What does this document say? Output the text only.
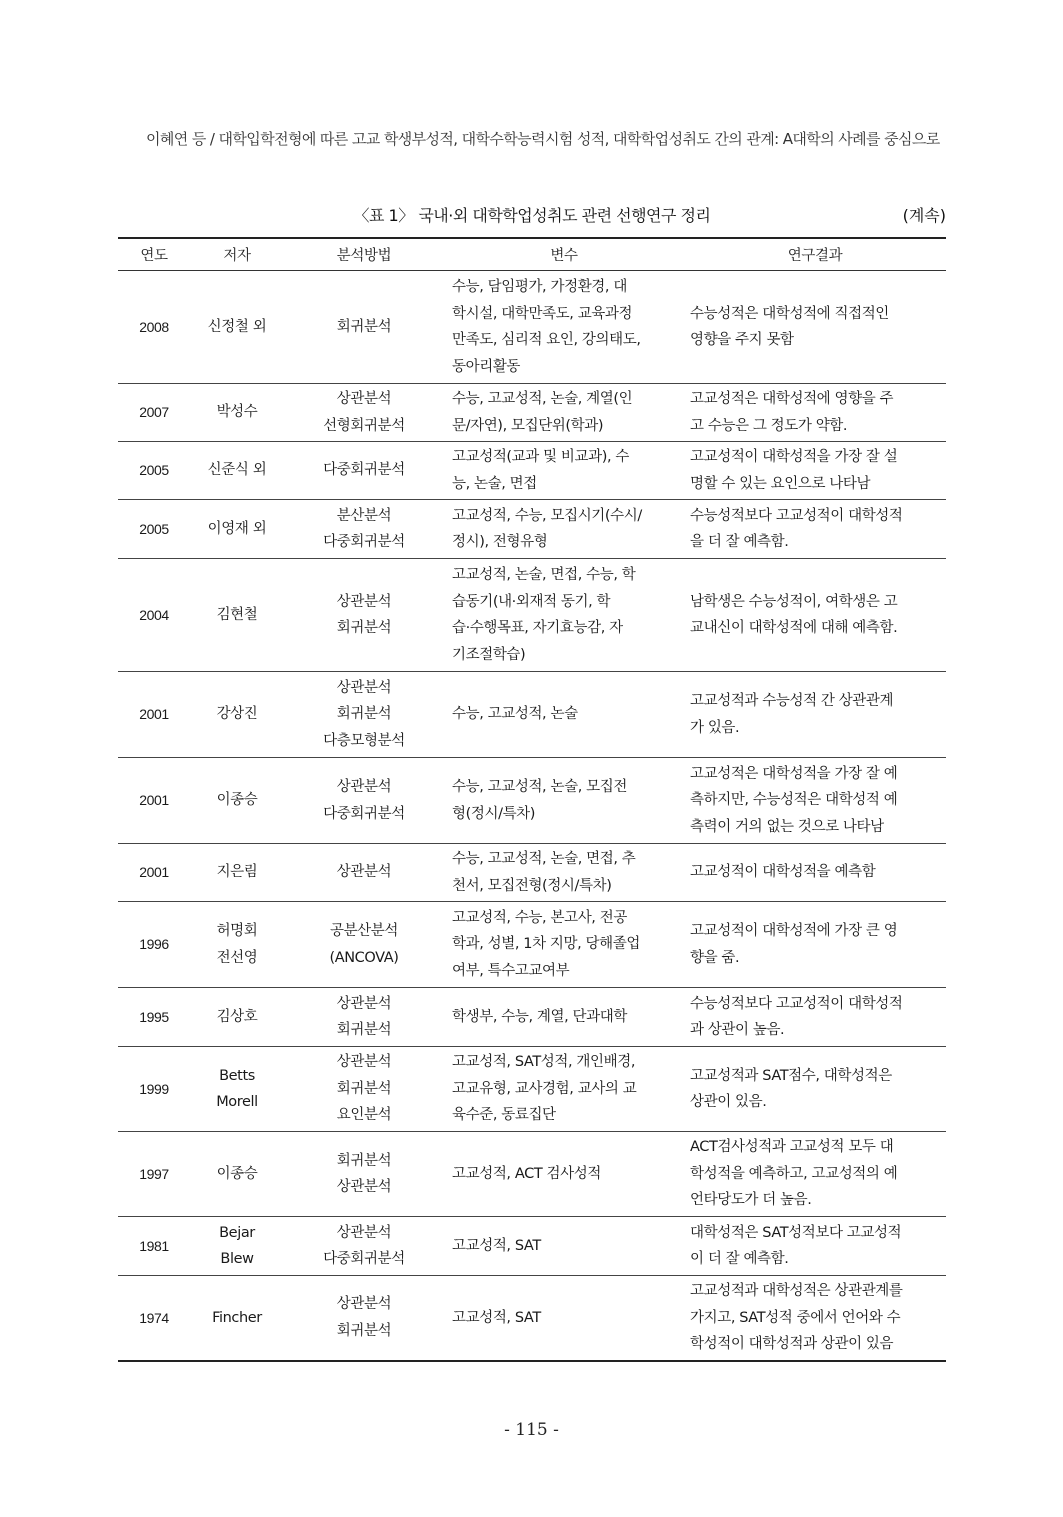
이혜연 등 / 대학입학전형에 따른 고교 학생부성적, 대학수학능력시험 성적, 대학학업성취도 간의 관계: A대학의 사례를 중심으로
〈표 1〉 국내·외 대학학업성취도 관련 선행연구 정리	(계속)
연도	저자	분석방법	변수	연구결과
2008	신정철 외	회귀분석	수능, 담임평가, 가정환경, 대
학시설, 대학만족도, 교육과정
만족도, 심리적 요인, 강의태도,
동아리활동	수능성적은 대학성적에 직접적인
영향을 주지 못함

2007	박성수	상관분석
선형회귀분석	수능, 고교성적, 논술, 계열(인
문/자연), 모집단위(학과)	고교성적은 대학성적에 영향을 주
고 수능은 그 정도가 약함.

2005	신준식 외	다중회귀분석	고교성적(교과 및 비교과), 수
능, 논술, 면접	고교성적이 대학성적을 가장 잘 설
명할 수 있는 요인으로 나타남

2005	이영재 외	분산분석
다중회귀분석	고교성적, 수능, 모집시기(수시/
정시), 전형유형	수능성적보다 고교성적이 대학성적
을 더 잘 예측함.

2004	김현철	상관분석
회귀분석	고교성적, 논술, 면접, 수능, 학
습동기(내·외재적 동기, 학
습·수행목표, 자기효능감, 자
기조절학습)	남학생은 수능성적이, 여학생은 고
교내신이 대학성적에 대해 예측함.

2001	강상진	상관분석
회귀분석
다층모형분석	수능, 고교성적, 논술	고교성적과 수능성적 간 상관관계
가 있음.

2001	이종승	상관분석
다중회귀분석	수능, 고교성적, 논술, 모집전
형(정시/특차)	고교성적은 대학성적을 가장 잘 예
측하지만, 수능성적은 대학성적 예
측력이 거의 없는 것으로 나타남

2001	지은림	상관분석	수능, 고교성적, 논술, 면접, 추
천서, 모집전형(정시/특차)	고교성적이 대학성적을 예측함

1996	허명회
전선영	공분산분석
(ANCOVA)	고교성적, 수능, 본고사, 전공
학과, 성별, 1차 지망, 당해졸업
여부, 특수고교여부	고교성적이 대학성적에 가장 큰 영
향을 줌.

1995	김상호	상관분석
회귀분석	학생부, 수능, 계열, 단과대학	수능성적보다 고교성적이 대학성적
과 상관이 높음.

1999	Betts
Morell	상관분석
회귀분석
요인분석	고교성적, SAT성적, 개인배경,
고교유형, 교사경험, 교사의 교
육수준, 동료집단	고교성적과 SAT점수, 대학성적은
상관이 있음.

1997	이종승	회귀분석
상관분석	고교성적, ACT 검사성적	ACT검사성적과 고교성적 모두 대
학성적을 예측하고, 고교성적의 예
언타당도가 더 높음.

1981	Bejar
Blew	상관분석
다중회귀분석	고교성적, SAT	대학성적은 SAT성적보다 고교성적
이 더 잘 예측함.

1974	Fincher	상관분석
회귀분석	고교성적, SAT	고교성적과 대학성적은 상관관계를
가지고, SAT성적 중에서 언어와 수
학성적이 대학성적과 상관이 있음
- 115 -
